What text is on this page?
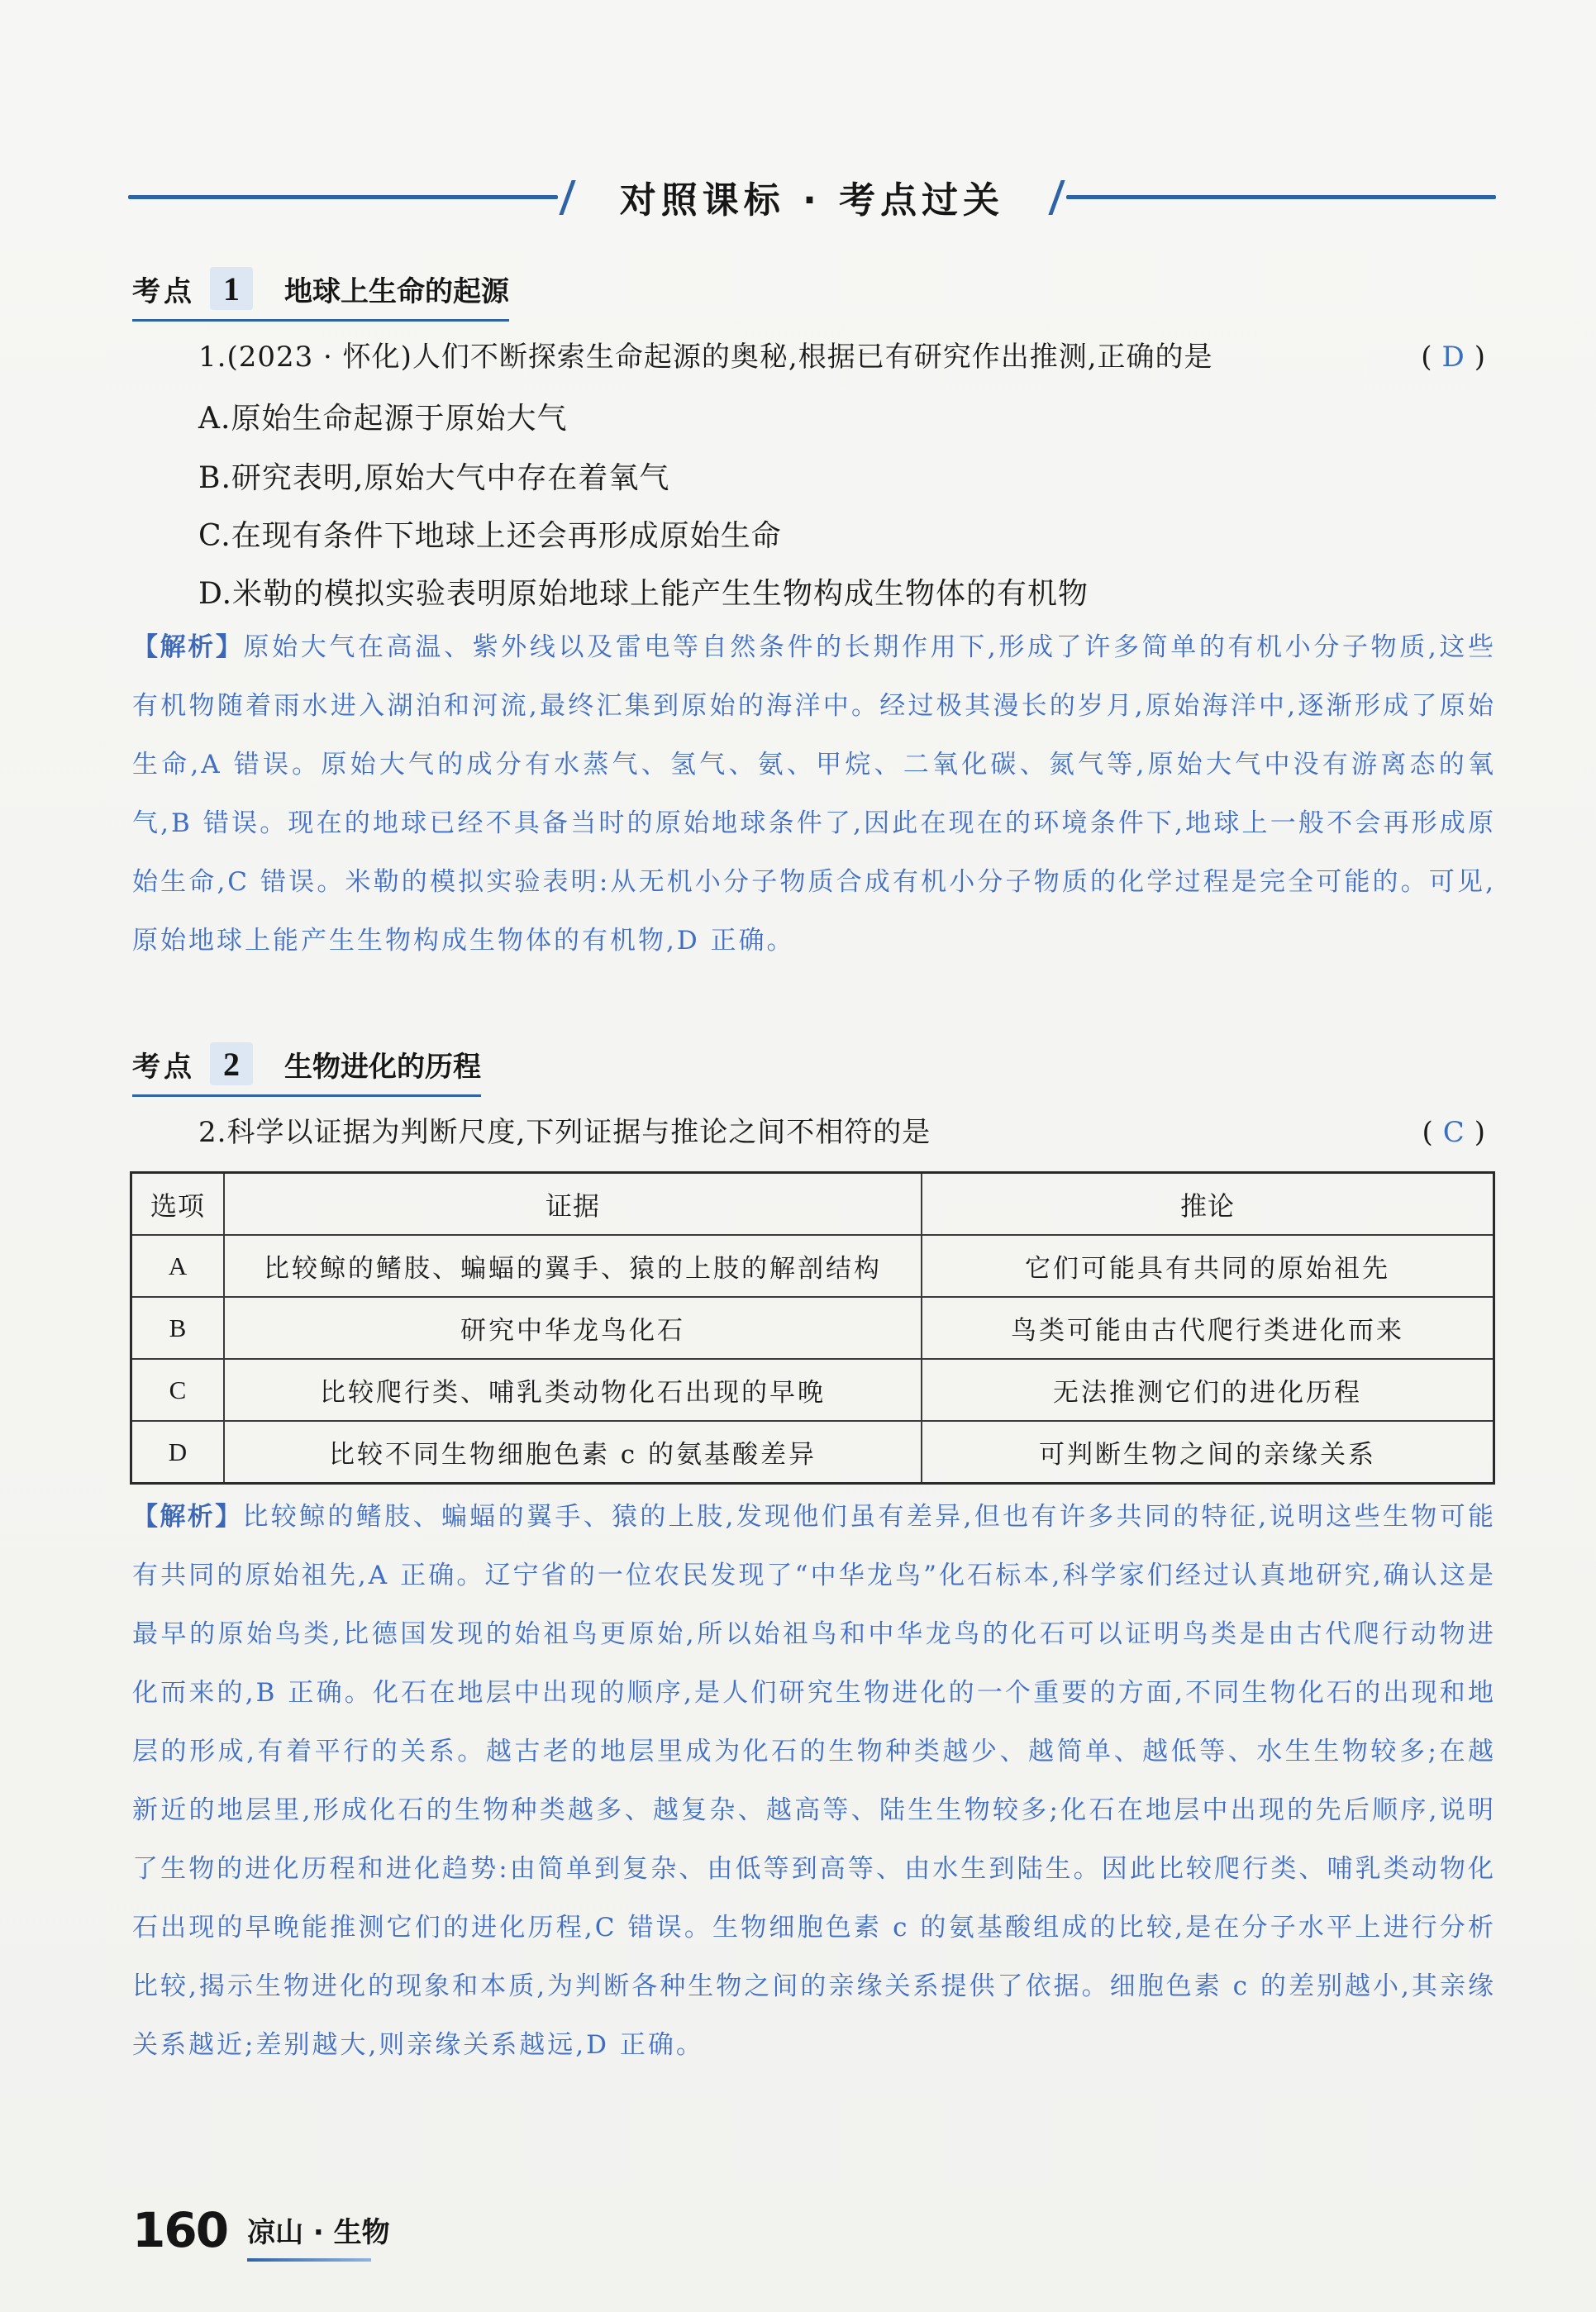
对照课标 · 考点过关
考点 1	地球上生命的起源
1.(2023 · 怀化)人们不断探索生命起源的奥秘,根据已有研究作出推测,正确的是	(D)
A.原始生命起源于原始大气
B.研究表明,原始大气中存在着氧气
C.在现有条件下地球上还会再形成原始生命
D.米勒的模拟实验表明原始地球上能产生生物构成生物体的有机物
【解析】原始大气在高温、紫外线以及雷电等自然条件的长期作用下,形成了许多简单的有机小分子物质,这些有机物随着雨水进入湖泊和河流,最终汇集到原始的海洋中。经过极其漫长的岁月,原始海洋中,逐渐形成了原始生命,A 错误。原始大气的成分有水蒸气、氢气、氨、甲烷、二氧化碳、氮气等,原始大气中没有游离态的氧气,B 错误。现在的地球已经不具备当时的原始地球条件了,因此在现在的环境条件下,地球上一般不会再形成原始生命,C 错误。米勒的模拟实验表明:从无机小分子物质合成有机小分子物质的化学过程是完全可能的。可见,原始地球上能产生生物构成生物体的有机物,D 正确。
考点 2	生物进化的历程
2.科学以证据为判断尺度,下列证据与推论之间不相符的是	(C)
选项	证据	推论
A	比较鲸的鳍肢、蝙蝠的翼手、猿的上肢的解剖结构	它们可能具有共同的原始祖先
B	研究中华龙鸟化石	鸟类可能由古代爬行类进化而来
C	比较爬行类、哺乳类动物化石出现的早晚	无法推测它们的进化历程
D	比较不同生物细胞色素 c 的氨基酸差异	可判断生物之间的亲缘关系
【解析】比较鲸的鳍肢、蝙蝠的翼手、猿的上肢,发现他们虽有差异,但也有许多共同的特征,说明这些生物可能有共同的原始祖先,A 正确。辽宁省的一位农民发现了“中华龙鸟”化石标本,科学家们经过认真地研究,确认这是最早的原始鸟类,比德国发现的始祖鸟更原始,所以始祖鸟和中华龙鸟的化石可以证明鸟类是由古代爬行动物进化而来的,B 正确。化石在地层中出现的顺序,是人们研究生物进化的一个重要的方面,不同生物化石的出现和地层的形成,有着平行的关系。越古老的地层里成为化石的生物种类越少、越简单、越低等、水生生物较多;在越新近的地层里,形成化石的生物种类越多、越复杂、越高等、陆生生物较多;化石在地层中出现的先后顺序,说明了生物的进化历程和进化趋势:由简单到复杂、由低等到高等、由水生到陆生。因此比较爬行类、哺乳类动物化石出现的早晚能推测它们的进化历程,C 错误。生物细胞色素 c 的氨基酸组成的比较,是在分子水平上进行分析比较,揭示生物进化的现象和本质,为判断各种生物之间的亲缘关系提供了依据。细胞色素 c 的差别越小,其亲缘关系越近;差别越大,则亲缘关系越远,D 正确。
160 凉山 · 生物
